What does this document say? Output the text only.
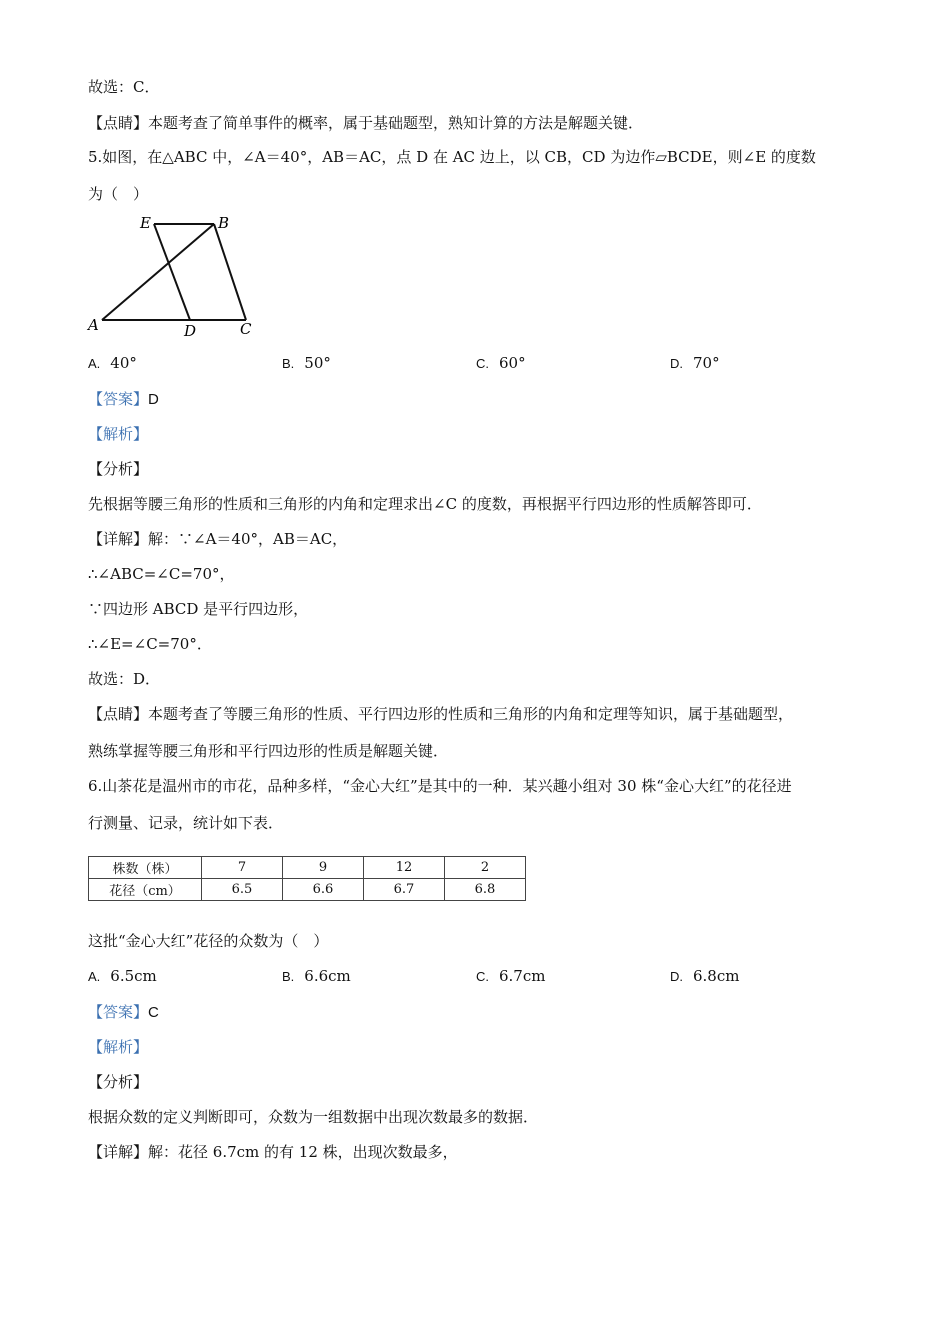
故选：C．
【点睛】本题考查了简单事件的概率，属于基础题型，熟知计算的方法是解题关键．
5.如图，在△ABC 中，∠A＝40°，AB＝AC，点 D 在 AC 边上，以 CB，CD 为边作▱BCDE，则∠E 的度数
为（　）
E	B
A	D	C
A. 40°	B. 50°	C. 60°	D. 70°
【答案】D
【解析】
【分析】
先根据等腰三角形的性质和三角形的内角和定理求出∠C 的度数，再根据平行四边形的性质解答即可．
【详解】解：∵∠A＝40°，AB＝AC，
∴∠ABC=∠C=70°，
∵四边形 ABCD 是平行四边形，
∴∠E=∠C=70°．
故选：D．
【点睛】本题考查了等腰三角形的性质、平行四边形的性质和三角形的内角和定理等知识，属于基础题型，
熟练掌握等腰三角形和平行四边形的性质是解题关键．
6.山茶花是温州市的市花，品种多样，“金心大红”是其中的一种．某兴趣小组对 30 株“金心大红”的花径进
行测量、记录，统计如下表．
株数（株）	7	9	12	2
花径（cm）	6.5	6.6	6.7	6.8
这批“金心大红”花径的众数为（　）
A. 6.5cm	B. 6.6cm	C. 6.7cm	D. 6.8cm
【答案】C
【解析】
【分析】
根据众数的定义判断即可，众数为一组数据中出现次数最多的数据．
【详解】解：花径 6.7cm 的有 12 株，出现次数最多，
